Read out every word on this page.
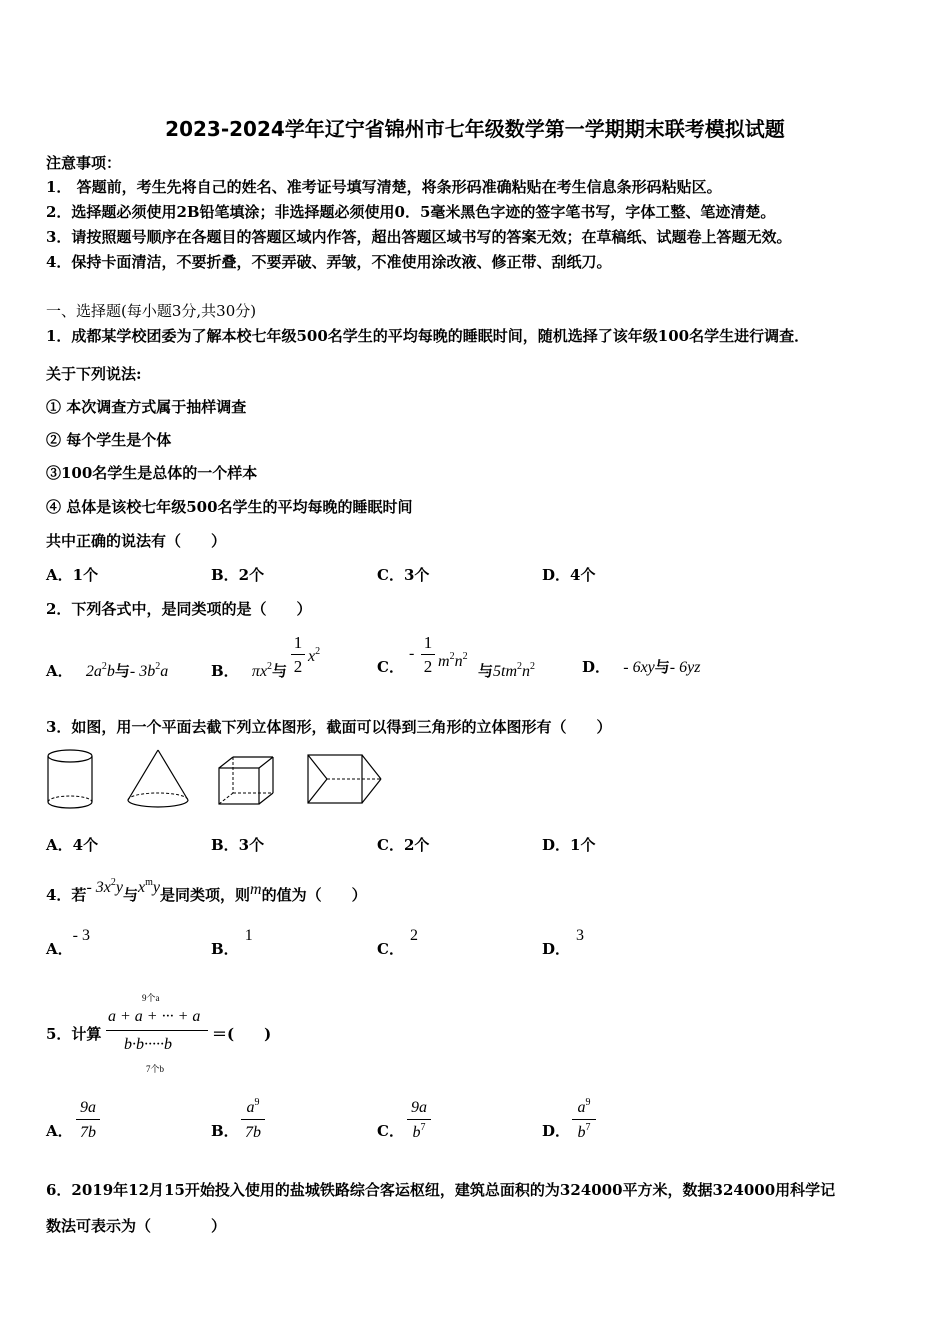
2023-2024学年辽宁省锦州市七年级数学第一学期期末联考模拟试题
注意事项：
1． 答题前，考生先将自己的姓名、准考证号填写清楚，将条形码准确粘贴在考生信息条形码粘贴区。
2．选择题必须使用2B铅笔填涂；非选择题必须使用0．5毫米黑色字迹的签字笔书写，字体工整、笔迹清楚。
3．请按照题号顺序在各题目的答题区域内作答，超出答题区域书写的答案无效；在草稿纸、试题卷上答题无效。
4．保持卡面清洁，不要折叠，不要弄破、弄皱，不准使用涂改液、修正带、刮纸刀。
一、选择题(每小题3分,共30分)
1．成都某学校团委为了解本校七年级500名学生的平均每晚的睡眠时间，随机选择了该年级100名学生进行调查．
关于下列说法:
① 本次调查方式属于抽样调查
② 每个学生是个体
③100名学生是总体的一个样本
④ 总体是该校七年级500名学生的平均每晚的睡眠时间
共中正确的说法有（　　）
A．1个	B．2个	C．3个	D．4个
2．下列各式中，是同类项的是（　　）
A． $2a^2b$与- $3b^2a$	B． $\pi x^2$与
1
2
$x^2$
C．
-
1
2 $m^2n^2$
与$5tm^2n^2$	D． - 6xy与- 6yz
3．如图，用一个平面去截下列立体图形，截面可以得到三角形的立体图形有（　　）
A．4个	B．3个	C．2个	D．1个
4．若- $3x^2y$与$x^my$是同类项，则m的值为（　　）
A．- 3
B．1
C．2
D．3
5．计算
9个a
a + a + ··· + a
b·b·····b
7个b
＝(　　)
A．
9a
7b	B．
$a^9$
7b	C．
9a
$b^7$	D．
$a^9$
$b^7$
6．2019年12月15开始投入使用的盐城铁路综合客运枢纽，建筑总面积的为324000平方米，数据324000用科学记
数法可表示为（　　　　）
